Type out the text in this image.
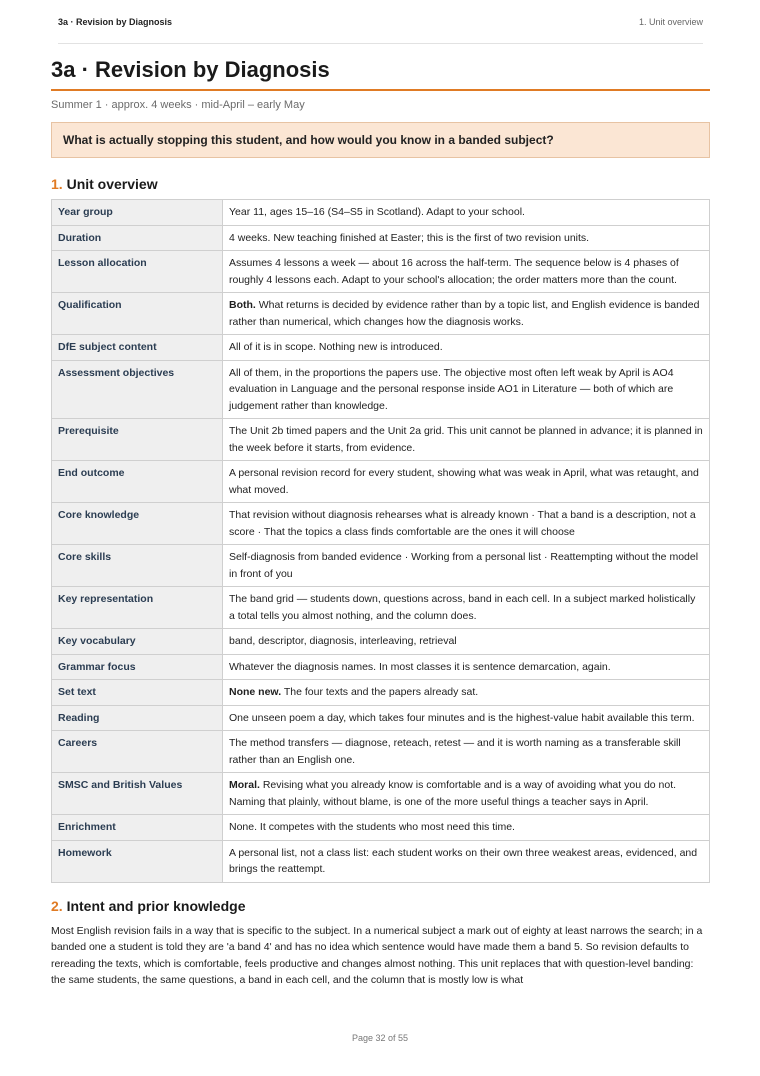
3a · Revision by Diagnosis	1. Unit overview
3a · Revision by Diagnosis
Summer 1 · approx. 4 weeks · mid-April – early May
What is actually stopping this student, and how would you know in a banded subject?
1. Unit overview
Year group	Year 11, ages 15–16 (S4–S5 in Scotland). Adapt to your school.
Duration	4 weeks. New teaching finished at Easter; this is the first of two revision units.
Lesson allocation	Assumes 4 lessons a week — about 16 across the half-term. The sequence below is 4 phases of roughly 4 lessons each. Adapt to your school's allocation; the order matters more than the count.
Qualification	Both. What returns is decided by evidence rather than by a topic list, and English evidence is banded rather than numerical, which changes how the diagnosis works.
DfE subject content	All of it is in scope. Nothing new is introduced.
Assessment objectives	All of them, in the proportions the papers use. The objective most often left weak by April is AO4 evaluation in Language and the personal response inside AO1 in Literature — both of which are judgement rather than knowledge.
Prerequisite	The Unit 2b timed papers and the Unit 2a grid. This unit cannot be planned in advance; it is planned in the week before it starts, from evidence.
End outcome	A personal revision record for every student, showing what was weak in April, what was retaught, and what moved.
Core knowledge	That revision without diagnosis rehearses what is already known · That a band is a description, not a score · That the topics a class finds comfortable are the ones it will choose
Core skills	Self-diagnosis from banded evidence · Working from a personal list · Reattempting without the model in front of you
Key representation	The band grid — students down, questions across, band in each cell. In a subject marked holistically a total tells you almost nothing, and the column does.
Key vocabulary	band, descriptor, diagnosis, interleaving, retrieval
Grammar focus	Whatever the diagnosis names. In most classes it is sentence demarcation, again.
Set text	None new. The four texts and the papers already sat.
Reading	One unseen poem a day, which takes four minutes and is the highest-value habit available this term.
Careers	The method transfers — diagnose, reteach, retest — and it is worth naming as a transferable skill rather than an English one.
SMSC and British Values	Moral. Revising what you already know is comfortable and is a way of avoiding what you do not. Naming that plainly, without blame, is one of the more useful things a teacher says in April.
Enrichment	None. It competes with the students who most need this time.
Homework	A personal list, not a class list: each student works on their own three weakest areas, evidenced, and brings the reattempt.
2. Intent and prior knowledge

Most English revision fails in a way that is specific to the subject. In a numerical subject a mark out of eighty at least narrows the search; in a banded one a student is told they are 'a band 4' and has no idea which sentence would have made them a band 5. So revision defaults to rereading the texts, which is comfortable, feels productive and changes almost nothing. This unit replaces that with question-level banding: the same students, the same questions, a band in each cell, and the column that is mostly low is what

Page 32 of 55
